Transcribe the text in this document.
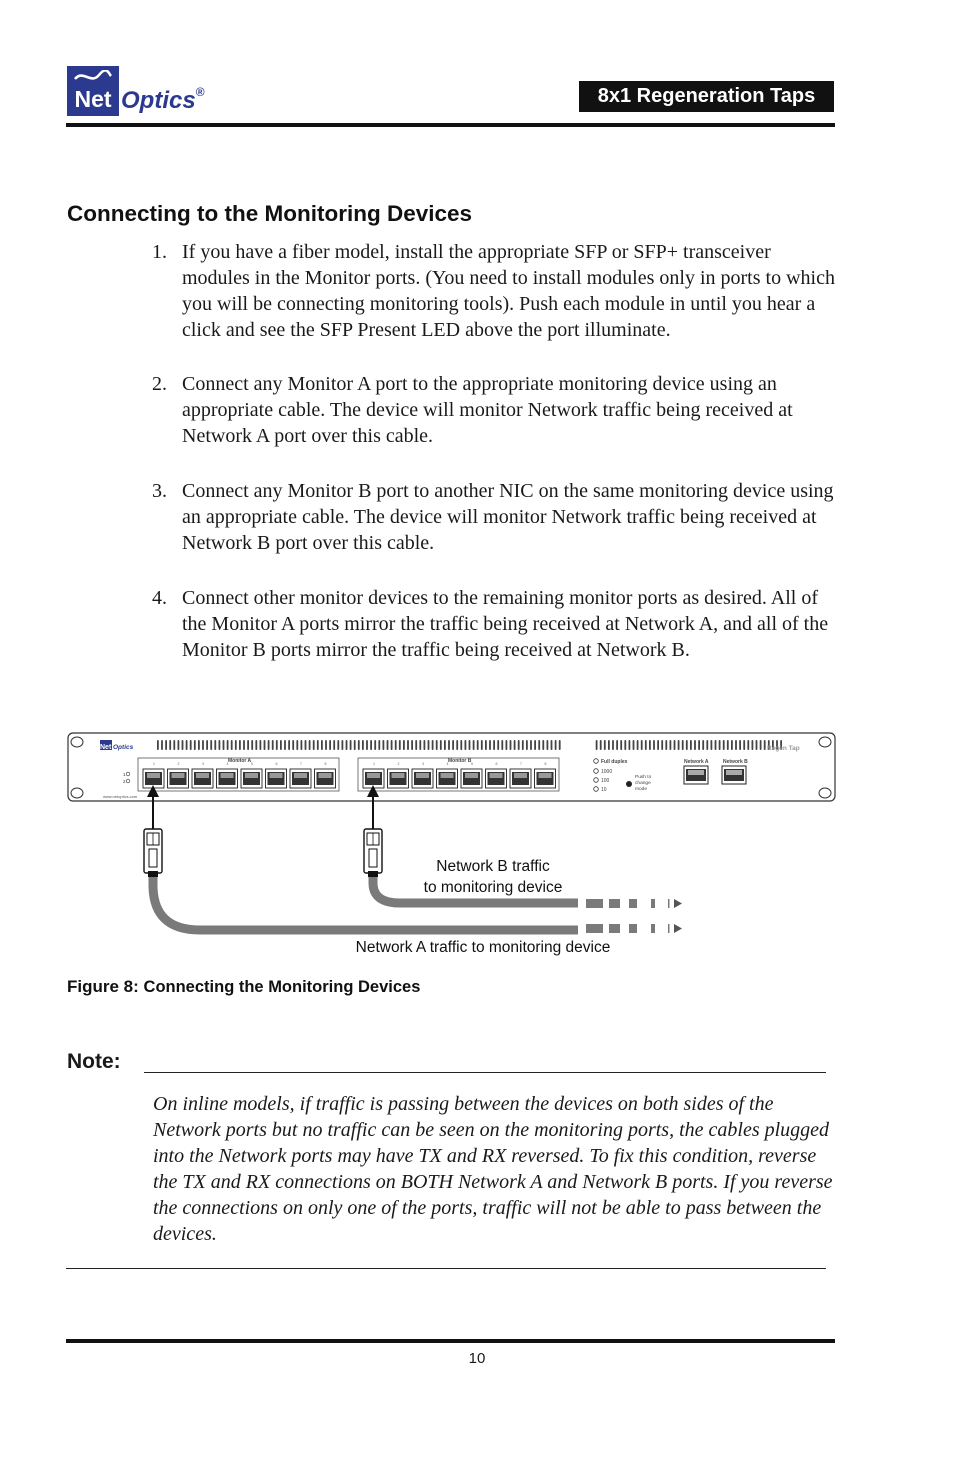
Net Optics®	8x1 Regeneration Taps
Connecting to the Monitoring Devices
1. If you have a fiber model, install the appropriate SFP or SFP+ transceiver modules in the Monitor ports. (You need to install modules only in ports to which you will be connecting monitoring tools). Push each module in until you hear a click and see the SFP Present LED above the port illuminate.
2. Connect any Monitor A port to the appropriate monitoring device using an appropriate cable. The device will monitor Network traffic being received at Network A port over this cable.
3. Connect any Monitor B port to another NIC on the same monitoring device using an appropriate cable. The device will monitor Network traffic being received at Network B port over this cable.
4. Connect other monitor devices to the remaining monitor ports as desired. All of the Monitor A ports mirror the traffic being received at Network A, and all of the Monitor B ports mirror the traffic being received at Network B.
Net Optics
1
2
www.netoptics.com
Monitor A	Monitor B
1	2	3	4	5	6	7	8	1	2	3	4	5	6	7	8	Full duplex
1000
100
10
Push to
change
mode
Network A	Network B
Regen Tap
Network B traffic
to monitoring device
Network A traffic to monitoring device
Figure 8: Connecting the Monitoring Devices
Note:
On inline models, if traffic is passing between the devices on both sides of the Network ports but no traffic can be seen on the monitoring ports, the cables plugged into the Network ports may have TX and RX reversed. To fix this condition, reverse the TX and RX connections on BOTH Network A and Network B ports. If you reverse the connections on only one of the ports, traffic will not be able to pass between the devices.
10
